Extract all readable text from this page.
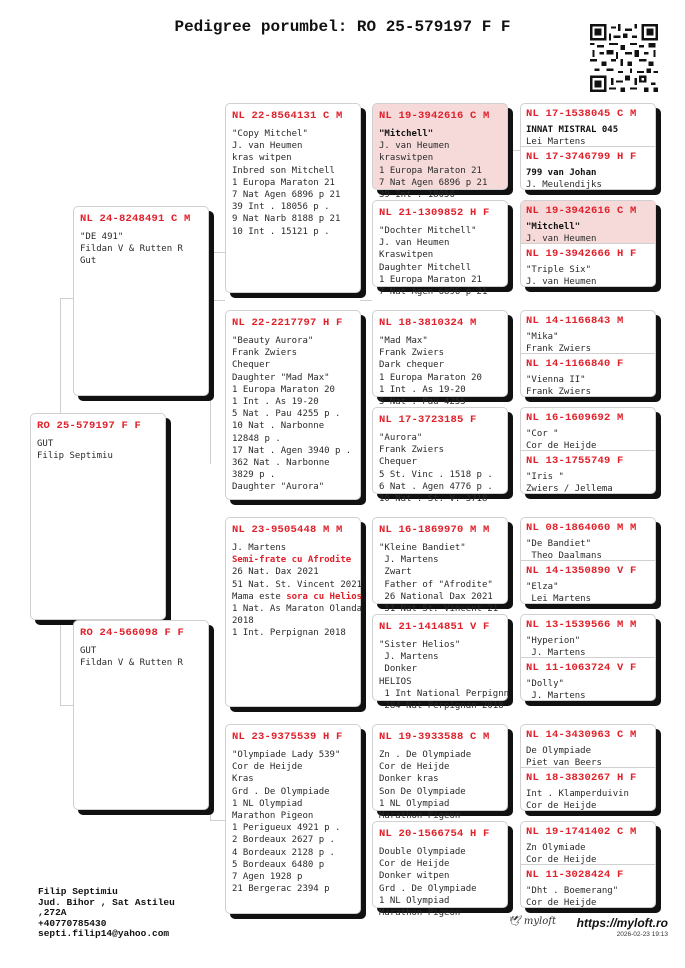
Pedigree porumbel: RO 25-579197 F F
RO 25-579197 F F
GUT
Filip Septimiu
NL 24-8248491 C M
"DE 491"
Fildan V & Rutten R
Gut
RO 24-566098 F F
GUT
Fildan V & Rutten R
NL 22-8564131 C M
"Copy Mitchel"
J. van Heumen
kras witpen
Inbred son Mitchell
1 Europa Maraton 21
7 Nat Agen 6896 p 21
39 Int . 18056 p .
9 Nat Narb 8188 p 21
10 Int . 15121 p .
NL 22-2217797 H F
"Beauty Aurora"
Frank Zwiers
Chequer
Daughter "Mad Max"
1 Europa Maraton 20
1 Int . As 19-20
5 Nat . Pau 4255 p .
10 Nat . Narbonne
12848 p .
17 Nat . Agen 3940 p .
362 Nat . Narbonne
3829 p .
Daughter "Aurora"
NL 23-9505448 M M
J. Martens
Semi-frate cu Afrodite
26 Nat. Dax 2021
51 Nat. St. Vincent 2021
Mama este sora cu Helios
1 Nat. As Maraton Olanda
2018
1 Int. Perpignan 2018
NL 23-9375539 H F
"Olympiade Lady 539"
Cor de Heijde
Kras
Grd . De Olympiade
1 NL Olympiad
Marathon Pigeon
1 Perigueux 4921 p .
2 Bordeaux 2627 p .
4 Bordeaux 2128 p .
5 Bordeaux 6480 p
7 Agen 1928 p
21 Bergerac 2394 p
NL 19-3942616 C M
"Mitchell"
J. van Heumen
kraswitpen
1 Europa Maraton 21
7 Nat Agen 6896 p 21
39 Int . 18056
NL 21-1309852 H F
"Dochter Mitchell"
J. van Heumen
Kraswitpen
Daughter Mitchell
1 Europa Maraton 21
7 Nat Agen 6896 p 21
NL 18-3810324 M
"Mad Max"
Frank Zwiers
Dark chequer
1 Europa Maraton 20
1 Int . As 19-20
5 Nat . Pau 4255
NL 17-3723185 F
"Aurora"
Frank Zwiers
Chequer
5 St. Vinc . 1518 p .
6 Nat . Agen 4776 p .
10 Nat . St. V. 3718
NL 16-1869970 M M
"Kleine Bandiet"
J. Martens
Zwart
Father of "Afrodite"
26 National Dax 2021
51 Nat St. Vincent 21
NL 21-1414851 V F
"Sister Helios"
J. Martens
Donker
HELIOS
1 Int National Perpignn
284 Nat Perpignan 2018
NL 19-3933588 C M
Zn . De Olympiade
Cor de Heijde
Donker kras
Son De Olympiade
1 NL Olympiad
Marathon Pigeon
NL 20-1566754 H F
Double Olympiade
Cor de Heijde
Donker witpen
Grd . De Olympiade
1 NL Olympiad
Marathon Pigeon
NL 17-1538045 C M
INNAT MISTRAL 045
Lei Martens
NL 17-3746799 H F
799 van Johan
J. Meulendijks
NL 19-3942616 C M
"Mitchell"
J. van Heumen
NL 19-3942666 H F
"Triple Six"
J. van Heumen
NL 14-1166843 M
"Mika"
Frank Zwiers
NL 14-1166840 F
"Vienna II"
Frank Zwiers
NL 16-1609692 M
"Cor "
Cor de Heijde
NL 13-1755749 F
"Iris "
Zwiers / Jellema
NL 08-1864060 M M
"De Bandiet"
Theo Daalmans
NL 14-1350890 V F
"Elza"
Lei Martens
NL 13-1539566 M M
"Hyperion"
J. Martens
NL 11-1063724 V F
"Dolly"
J. Martens
NL 14-3430963 C M
De Olympiade
Piet van Beers
NL 18-3830267 H F
Int . Klamperduivin
Cor de Heijde
NL 19-1741402 C M
Zn Olymiade
Cor de Heijde
NL 11-3028424 F
"Dht . Boemerang"
Cor de Heijde
Filip Septimiu
Jud. Bihor , Sat Astileu
,272A
+40770785430
septi.filip14@yahoo.com
🕊 myloft https://myloft.ro
2026-02-23 19:13
